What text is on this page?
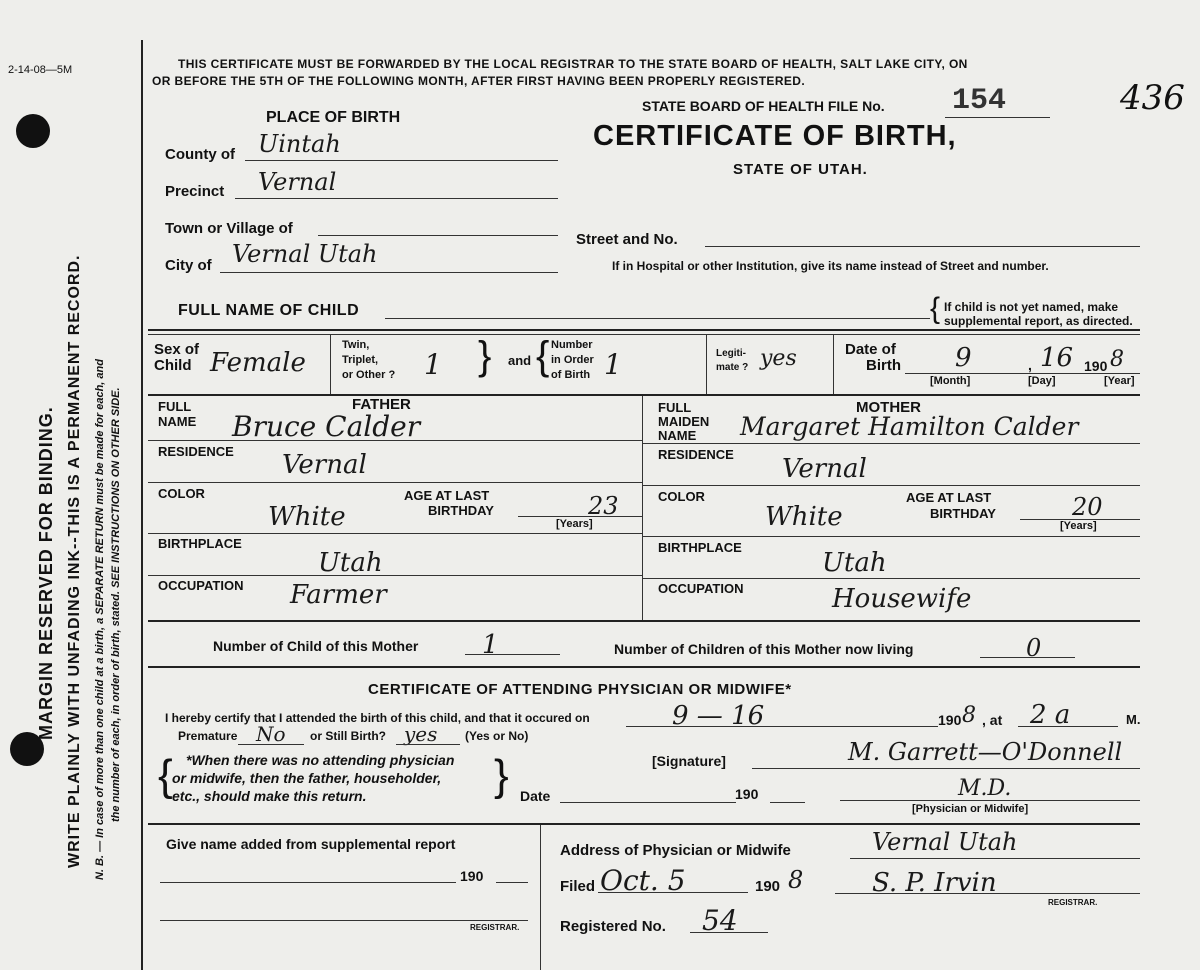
2-14-08—5M
MARGIN RESERVED FOR BINDING. WRITE PLAINLY WITH UNFADING INK--THIS IS A PERMANENT RECORD. N. B. — In case of more than one child at a birth, a SEPARATE RETURN must be made for each, and the number of each, in order of birth, stated. SEE INSTRUCTIONS ON OTHER SIDE.
THIS CERTIFICATE MUST BE FORWARDED BY THE LOCAL REGISTRAR TO THE STATE BOARD OF HEALTH, SALT LAKE CITY, ON
OR BEFORE THE 5TH OF THE FOLLOWING MONTH, AFTER FIRST HAVING BEEN PROPERLY REGISTERED.	436
STATE BOARD OF HEALTH FILE No. 154
CERTIFICATE OF BIRTH,
STATE OF UTAH.
PLACE OF BIRTH
County of Uintah
Precinct Vernal
Town or Village of
City of Vernal Utah
Street and No.
If in Hospital or other Institution, give its name instead of Street and number.
FULL NAME OF CHILD	{ If child is not yet named, make
supplemental report, as directed.
Sex of
Child Female
Twin,
Triplet,
or Other ? 1 } and { Number
in Order
of Birth 1	Legiti-
mate ? yes	Date of
Birth 9	, 16 190 8
[Month]	[Day]	[Year]
FATHER
FULL
NAME Bruce Calder
RESIDENCE Vernal
COLOR
White
AGE AT LAST
BIRTHDAY	23
[Years]
BIRTHPLACE
Utah
OCCUPATION Farmer
MOTHER
FULL
MAIDEN
NAME Margaret Hamilton Calder
RESIDENCE Vernal
COLOR
White
AGE AT LAST
BIRTHDAY	20
[Years]
BIRTHPLACE
Utah
OCCUPATION	Housewife
Number of Child of this Mother 1	Number of Children of this Mother now living	0
CERTIFICATE OF ATTENDING PHYSICIAN OR MIDWIFE*
I hereby certify that I attended the birth of this child, and that it occured on	9 — 16	190 8 , at 2 a	M.
Premature No or Still Birth? yes (Yes or No)
{ *When there was no attending physician
or midwife, then the father, householder,
etc., should make this return.	}	[Signature]	M. Garrett—O'Donnell
Date	190	M.D.
[Physician or Midwife]
Give name added from supplemental report
190
REGISTRAR.
Address of Physician or Midwife	Vernal Utah
Filed Oct. 5	190 8	S. P. Irvin
REGISTRAR.
Registered No. 54
